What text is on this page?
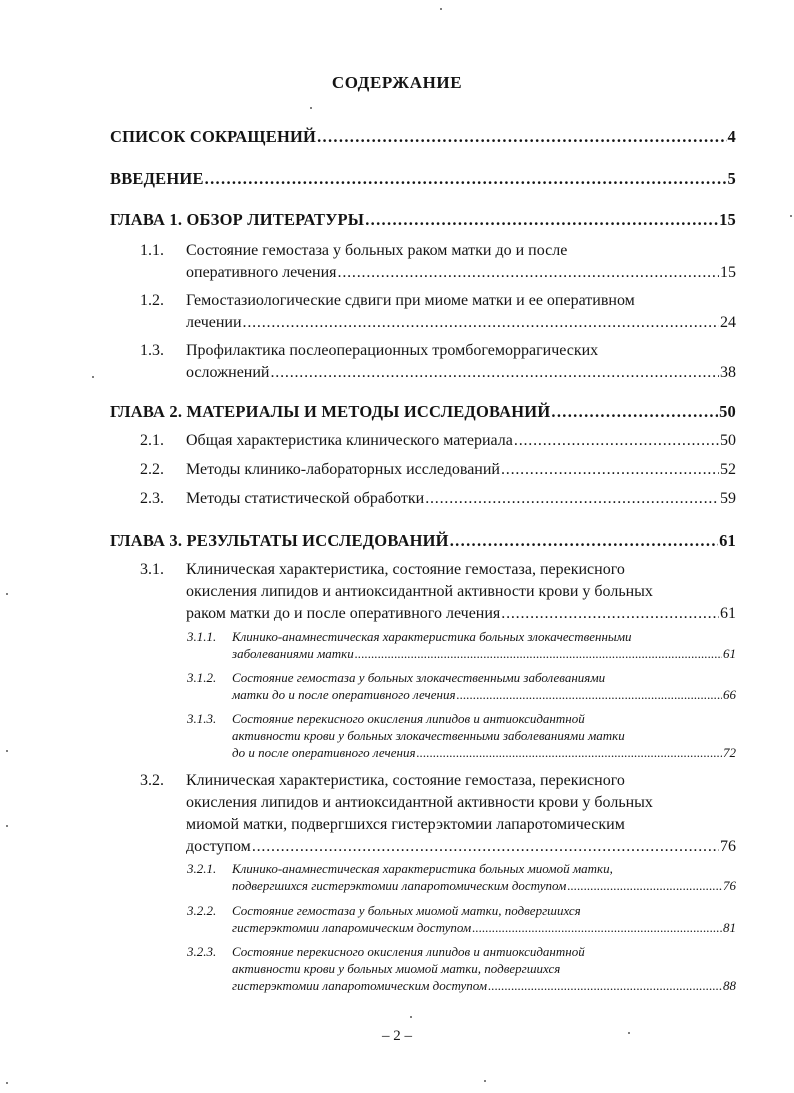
СОДЕРЖАНИЕ
СПИСОК СОКРАЩЕНИЙ . . .	4
ВВЕДЕНИЕ . . .	5
ГЛАВА 1. ОБЗОР ЛИТЕРАТУРЫ . . .	15
1.1. Состояние гемостаза у больных раком матки до и после
оперативного лечения . . .	15
1.2. Гемостазиологические сдвиги при миоме матки и ее оперативном
лечении . . .	24
1.3. Профилактика послеоперационных тромбогеморрагических
осложнений . . .	38
ГЛАВА 2. МАТЕРИАЛЫ И МЕТОДЫ ИССЛЕДОВАНИЙ . . .	50
2.1. Общая характеристика клинического материала . . .	50
2.2. Методы клинико-лабораторных исследований . . .	52
2.3. Методы статистической обработки . . .	59
ГЛАВА 3. РЕЗУЛЬТАТЫ ИССЛЕДОВАНИЙ . . .	61
3.1. Клиническая характеристика, состояние гемостаза, перекисного
окисления липидов и антиоксидантной активности крови у больных
раком матки до и после оперативного лечения . . .	61
3.1.1. Клинико-анамнестическая характеристика больных злокачественными
заболеваниями матки . . .	61
3.1.2. Состояние гемостаза у больных злокачественными заболеваниями
матки до и после оперативного лечения . . .	66
3.1.3. Состояние перекисного окисления липидов и антиоксидантной
активности крови у больных злокачественными заболеваниями матки
до и после оперативного лечения . . .	72
3.2. Клиническая характеристика, состояние гемостаза, перекисного
окисления липидов и антиоксидантной активности крови у больных
миомой матки, подвергшихся гистерэктомии лапаротомическим
доступом . . .	76
3.2.1. Клинико-анамнестическая характеристика больных миомой матки,
подвергшихся гистерэктомии лапаротомическим доступом . . .	76
3.2.2. Состояние гемостаза у больных миомой матки, подвергшихся
гистерэктомии лапаромическим доступом . . .	81
3.2.3. Состояние перекисного окисления липидов и антиоксидантной
активности крови у больных миомой матки, подвергшихся
гистерэктомии лапаротомическим доступом . . .	88
– 2 –
